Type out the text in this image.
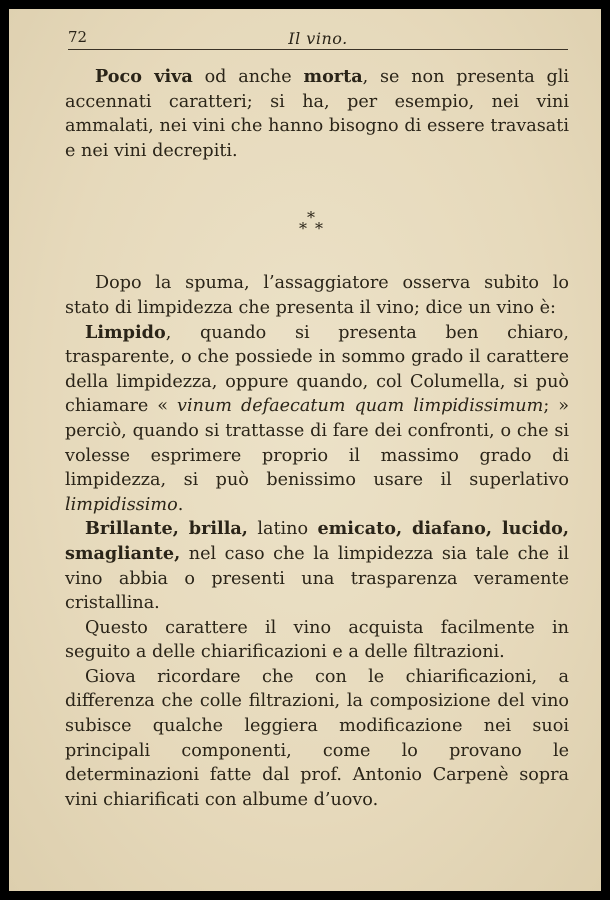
72	Il vino.

Poco viva od anche morta, se non presenta gli accennati caratteri; si ha, per esempio, nei vini ammalati, nei vini che hanno bisogno di essere travasati e nei vini decrepiti.

*
* *

Dopo la spuma, l’assaggiatore osserva subito lo stato di limpidezza che presenta il vino; dice un vino è:

Limpido, quando si presenta ben chiaro, trasparente, o che possiede in sommo grado il carattere della limpidezza, oppure quando, col Columella, si può chiamare « vinum defaecatum quam limpidissimum; » perciò, quando si trattasse di fare dei confronti, o che si volesse esprimere proprio il massimo grado di limpidezza, si può benissimo usare il superlativo limpidissimo.

Brillante, brilla, latino emicato, diafano, lucido, smagliante, nel caso che la limpidezza sia tale che il vino abbia o presenti una trasparenza veramente cristallina.

Questo carattere il vino acquista facilmente in seguito a delle chiarificazioni e a delle filtrazioni.

Giova ricordare che con le chiarificazioni, a differenza che colle filtrazioni, la composizione del vino subisce qualche leggiera modificazione nei suoi principali componenti, come lo provano le determinazioni fatte dal prof. Antonio Carpenè sopra vini chiarificati con albume d’uovo.
